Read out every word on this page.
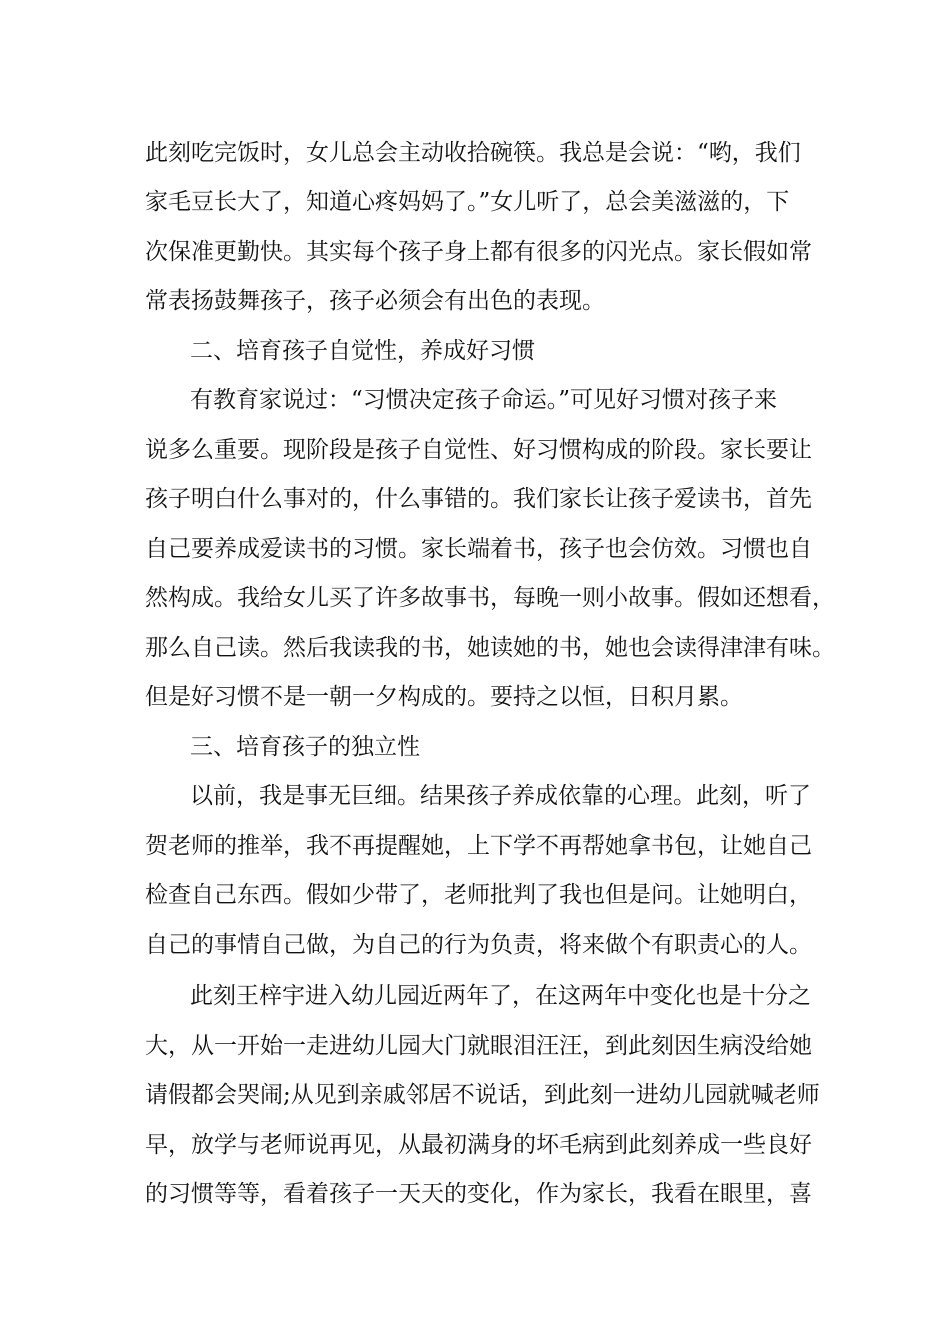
此刻吃完饭时，女儿总会主动收拾碗筷。我总是会说：“哟，我们

家毛豆长大了，知道心疼妈妈了。”女儿听了，总会美滋滋的，下

次保准更勤快。其实每个孩子身上都有很多的闪光点。家长假如常

常表扬鼓舞孩子，孩子必须会有出色的表现。

二、培育孩子自觉性，养成好习惯

有教育家说过：“习惯决定孩子命运。”可见好习惯对孩子来

说多么重要。现阶段是孩子自觉性、好习惯构成的阶段。家长要让

孩子明白什么事对的，什么事错的。我们家长让孩子爱读书，首先

自己要养成爱读书的习惯。家长端着书，孩子也会仿效。习惯也自

然构成。我给女儿买了许多故事书，每晚一则小故事。假如还想看，

那么自己读。然后我读我的书，她读她的书，她也会读得津津有味。

但是好习惯不是一朝一夕构成的。要持之以恒，日积月累。

三、培育孩子的独立性

以前，我是事无巨细。结果孩子养成依靠的心理。此刻，听了

贺老师的推举，我不再提醒她，上下学不再帮她拿书包，让她自己

检查自己东西。假如少带了，老师批判了我也但是问。让她明白，

自己的事情自己做，为自己的行为负责，将来做个有职责心的人。

此刻王梓宇进入幼儿园近两年了，在这两年中变化也是十分之

大，从一开始一走进幼儿园大门就眼泪汪汪，到此刻因生病没给她

请假都会哭闹;从见到亲戚邻居不说话，到此刻一进幼儿园就喊老师

早，放学与老师说再见，从最初满身的坏毛病到此刻养成一些良好

的习惯等等，看着孩子一天天的变化，作为家长，我看在眼里，喜
